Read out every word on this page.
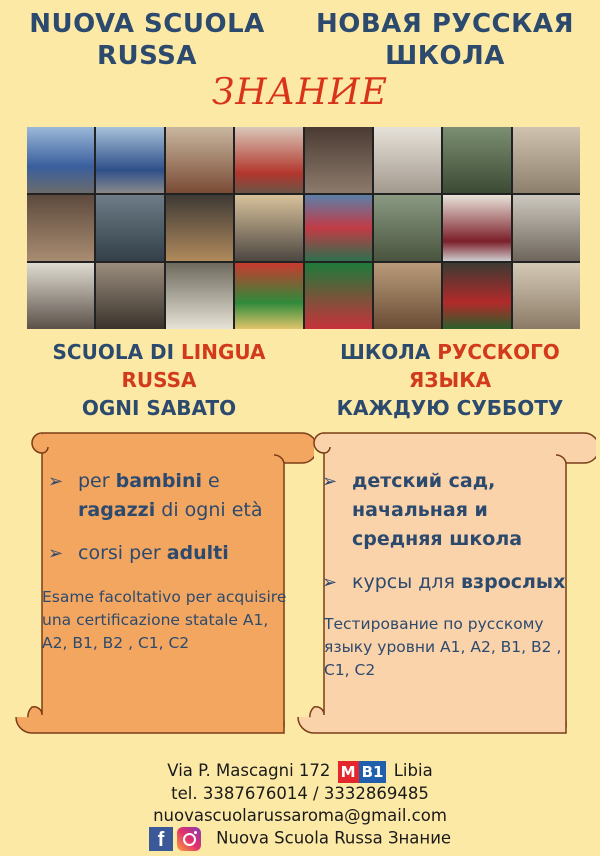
NUOVA SCUOLA RUSSA
НОВАЯ РУССКАЯ ШКОЛА
ЗНАНИЕ
SCUOLA DI LINGUA RUSSA
OGNI SABATO
ШКОЛА РУССКОГО ЯЗЫКА
КАЖДУЮ СУББОТУ
➢ per bambini e ragazzi di ogni età
➢ corsi per adulti
Esame facoltativo per acquisire una certificazione statale A1, A2, B1, B2 , C1, C2
➢ детский сад, начальная и средняя школа
➢ курсы для взрослых
Тестирование по русскому языку уровни A1, A2, B1, B2 , C1, C2
Via P. Mascagni 172 M B1 Libia
tel. 3387676014 / 3332869485
nuovascuolarussaroma@gmail.com
f	Nuova Scuola Russa Знание
